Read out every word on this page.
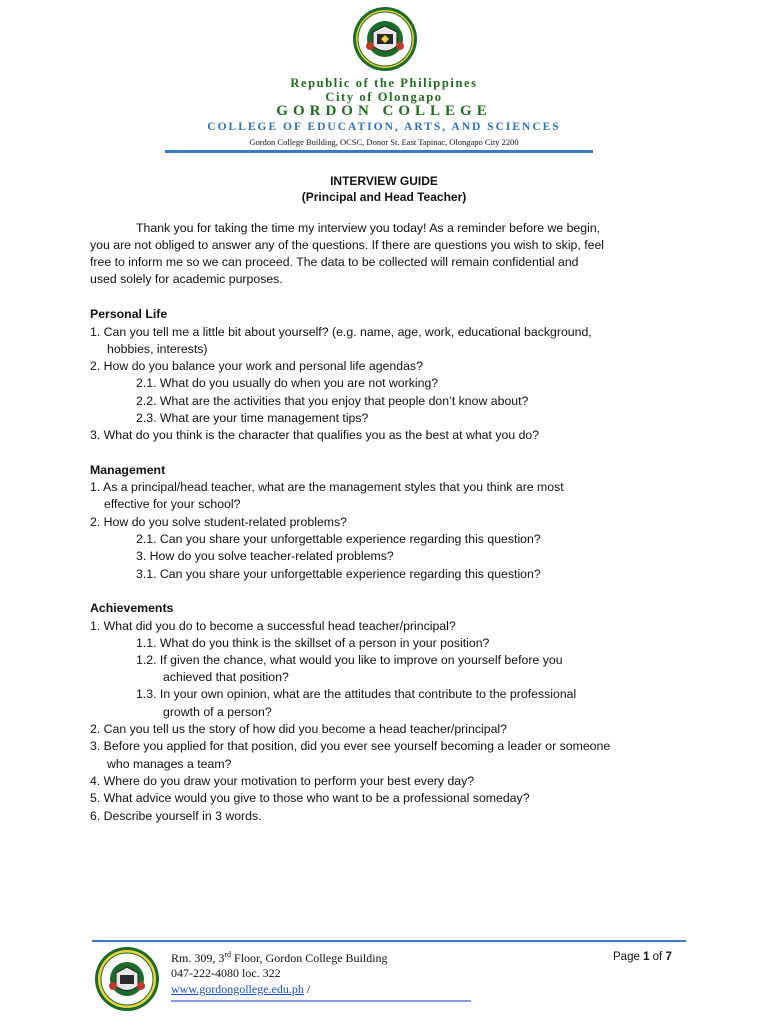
Republic of the Philippines
City of Olongapo
GORDON COLLEGE
COLLEGE OF EDUCATION, ARTS, AND SCIENCES
Gordon College Building, OCSC, Donor St. East Tapinac, Olongapo City 2200
INTERVIEW GUIDE
(Principal and Head Teacher)
Thank you for taking the time my interview you today! As a reminder before we begin,
you are not obliged to answer any of the questions. If there are questions you wish to skip, feel
free to inform me so we can proceed. The data to be collected will remain confidential and
used solely for academic purposes.
Personal Life
1. Can you tell me a little bit about yourself? (e.g. name, age, work, educational background,
hobbies, interests)
2. How do you balance your work and personal life agendas?
2.1. What do you usually do when you are not working?
2.2. What are the activities that you enjoy that people don’t know about?
2.3. What are your time management tips?
3. What do you think is the character that qualifies you as the best at what you do?
Management
1. As a principal/head teacher, what are the management styles that you think are most
effective for your school?
2. How do you solve student-related problems?
2.1. Can you share your unforgettable experience regarding this question?
3. How do you solve teacher-related problems?
3.1. Can you share your unforgettable experience regarding this question?
Achievements
1. What did you do to become a successful head teacher/principal?
1.1. What do you think is the skillset of a person in your position?
1.2. If given the chance, what would you like to improve on yourself before you
achieved that position?
1.3. In your own opinion, what are the attitudes that contribute to the professional
growth of a person?
2. Can you tell us the story of how did you become a head teacher/principal?
3. Before you applied for that position, did you ever see yourself becoming a leader or someone
who manages a team?
4. Where do you draw your motivation to perform your best every day?
5. What advice would you give to those who want to be a professional someday?
6. Describe yourself in 3 words.
Rm. 309, 3rd Floor, Gordon College Building
047-222-4080 loc. 322
www.gordongollege.edu.ph /
Page 1 of 7
